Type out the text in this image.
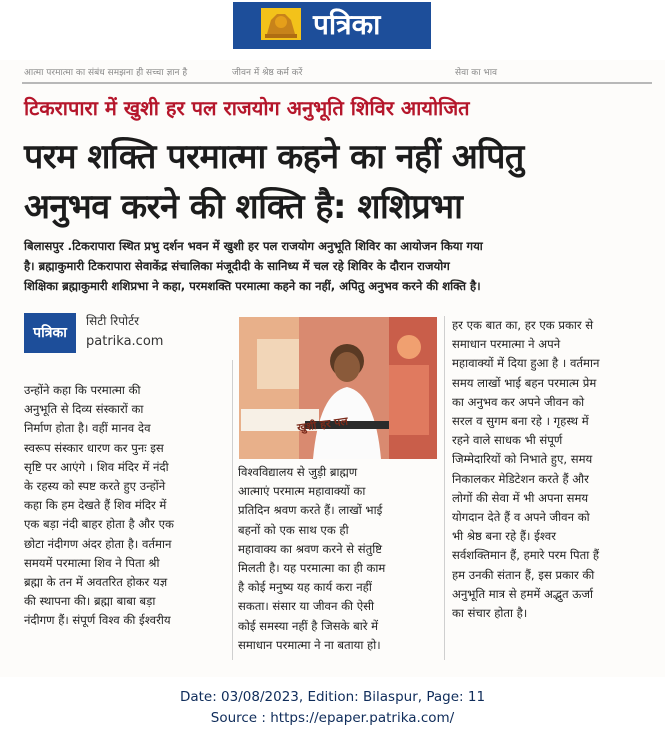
पत्रिका
आत्मा परमात्मा का संबंध समझना ही सच्चा ज्ञान है	जीवन में श्रेष्ठ कर्म करें	सेवा का भाव
टिकरापारा में खुशी हर पल राजयोग अनुभूति शिविर आयोजित
परम शक्ति परमात्मा कहने का नहीं अपितु
अनुभव करने की शक्ति है: शशिप्रभा

बिलासपुर .टिकरापारा स्थित प्रभु दर्शन भवन में खुशी हर पल राजयोग अनुभूति शिविर का आयोजन किया गया

है। ब्रह्माकुमारी टिकरापारा सेवाकेंद्र संचालिका मंजूदीदी के सानिध्य में चल रहे शिविर के दौरान राजयोग

शिक्षिका ब्रह्माकुमारी शशिप्रभा ने कहा, परमशक्ति परमात्मा कहने का नहीं, अपितु अनुभव करने की शक्ति है।

पत्रिका
सिटी रिपोर्टर
patrika.com
खुशी हर पल

उन्होंने कहा कि परमात्मा की

अनुभूति से दिव्य संस्कारों का

निर्माण होता है। वहीं मानव देव

स्वरूप संस्कार धारण कर पुनः इस

सृष्टि पर आएंगे । शिव मंदिर में नंदी

के रहस्य को स्पष्ट करते हुए उन्होंने

कहा कि हम देखते हैं शिव मंदिर में

एक बड़ा नंदी बाहर होता है और एक

छोटा नंदीगण अंदर होता है। वर्तमान

समयमें परमात्मा शिव ने पिता श्री

ब्रह्मा के तन में अवतरित होकर यज्ञ

की स्थापना की। ब्रह्मा बाबा बड़ा

नंदीगण हैं। संपूर्ण विश्व की ईश्वरीय

विश्वविद्यालय से जुड़ी ब्राह्मण

आत्माएं परमात्म महावाक्यों का

प्रतिदिन श्रवण करते हैं। लाखों भाई

बहनों को एक साथ एक ही

महावाक्य का श्रवण करने से संतुष्टि

मिलती है। यह परमात्मा का ही काम

है कोई मनुष्य यह कार्य करा नहीं

सकता। संसार या जीवन की ऐसी

कोई समस्या नहीं है जिसके बारे में

समाधान परमात्मा ने ना बताया हो।

हर एक बात का, हर एक प्रकार से

समाधान परमात्मा ने अपने

महावाक्यों में दिया हुआ है । वर्तमान

समय लाखों भाई बहन परमात्म प्रेम

का अनुभव कर अपने जीवन को

सरल व सुगम बना रहे । गृहस्थ में

रहने वाले साधक भी संपूर्ण

जिम्मेदारियों को निभाते हुए, समय

निकालकर मेडिटेशन करते हैं और

लोगों की सेवा में भी अपना समय

योगदान देते हैं व अपने जीवन को

भी श्रेष्ठ बना रहे हैं। ईश्वर

सर्वशक्तिमान हैं, हमारे परम पिता हैं

हम उनकी संतान हैं, इस प्रकार की

अनुभूति मात्र से हममें अद्भुत ऊर्जा

का संचार होता है।

Date: 03/08/2023, Edition: Bilaspur, Page: 11
Source : https://epaper.patrika.com/
